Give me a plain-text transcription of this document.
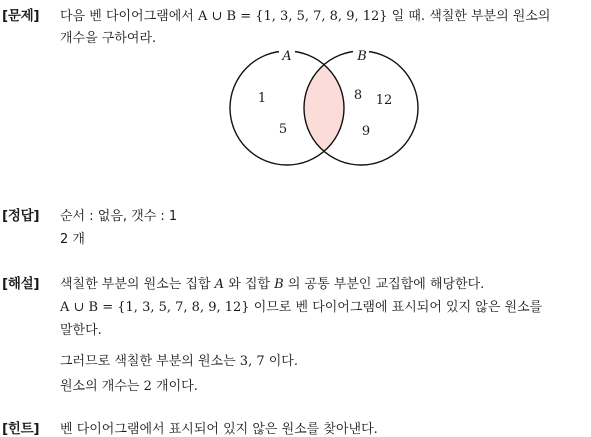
[문제] 다음 벤 다이어그램에서 A ∪ B = {1, 3, 5, 7, 8, 9, 12} 일 때. 색칠한 부분의 원소의
개수을 구하여라.
A	B
1
5
8 12
9
[정답] 순서 : 없음, 갯수 : 1
2 개
[해설] 색칠한 부분의 원소는 집합 A 와 집합 B 의 공통 부분인 교집합에 해당한다.
A ∪ B = {1, 3, 5, 7, 8, 9, 12} 이므로 벤 다이어그램에 표시되어 있지 않은 원소를
말한다.
그러므로 색칠한 부분의 원소는 3, 7 이다.
원소의 개수는 2 개이다.
[힌트] 벤 다이어그램에서 표시되어 있지 않은 원소를 찾아낸다.
